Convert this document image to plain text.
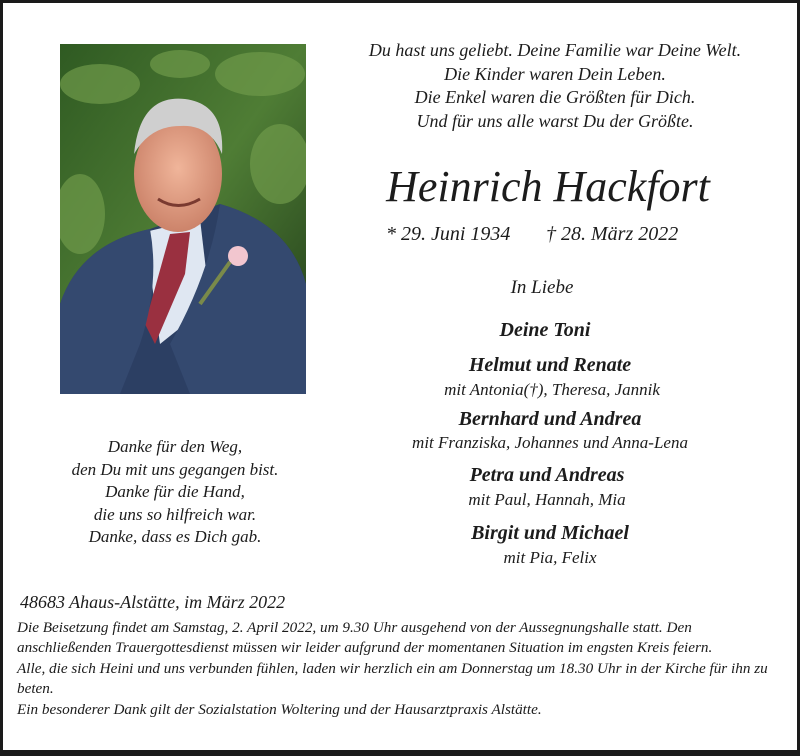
Du hast uns geliebt. Deine Familie war Deine Welt.
Die Kinder waren Dein Leben.
Die Enkel waren die Größten für Dich.
Und für uns alle warst Du der Größte.
Heinrich Hackfort
* 29. Juni 1934 † 28. März 2022
In Liebe
Deine Toni
Helmut und Renate
mit Antonia(†), Theresa, Jannik
Bernhard und Andrea
mit Franziska, Johannes und Anna-Lena
Petra und Andreas
mit Paul, Hannah, Mia
Birgit und Michael
mit Pia, Felix
Danke für den Weg,
den Du mit uns gegangen bist.
Danke für die Hand,
die uns so hilfreich war.
Danke, dass es Dich gab.
48683 Ahaus-Alstätte, im März 2022

Die Beisetzung findet am Samstag, 2. April 2022, um 9.30 Uhr ausgehend von der Aussegnungshalle statt. Den anschließenden Trauergottesdienst müssen wir leider aufgrund der momentanen Situation im engsten Kreis feiern.

Alle, die sich Heini und uns verbunden fühlen, laden wir herzlich ein am Donnerstag um 18.30 Uhr in der Kirche für ihn zu beten.

Ein besonderer Dank gilt der Sozialstation Woltering und der Hausarztpraxis Alstätte.
